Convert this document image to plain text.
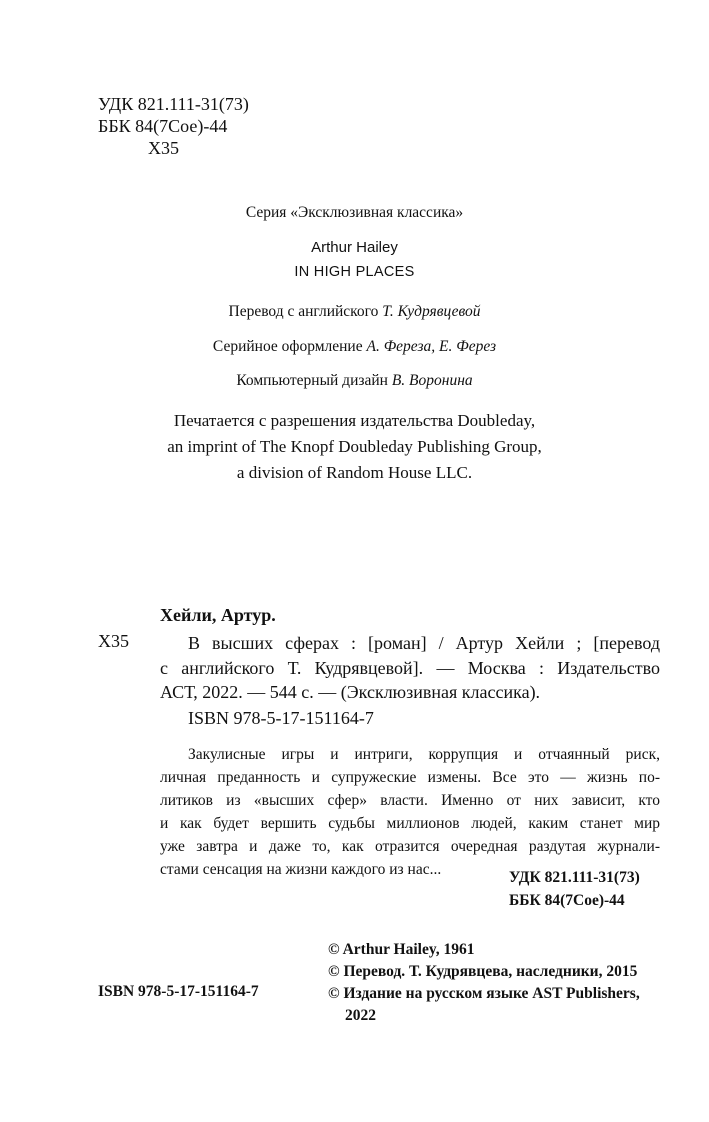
УДК 821.111-31(73)
ББК 84(7Сое)-44
Х35
Серия «Эксклюзивная классика»
Arthur Hailey
IN HIGH PLACES
Перевод с английского Т. Кудрявцевой
Серийное оформление А. Фереза, Е. Ферез
Компьютерный дизайн В. Воронина
Печатается с разрешения издательства Doubleday,
an imprint of The Knopf Doubleday Publishing Group,
a division of Random House LLC.
Хейли, Артур.
Х35	В высших сферах : [роман] / Артур Хейли ; [перевод
с английского Т. Кудрявцевой]. — Москва : Издательство
АСТ, 2022. — 544 с. — (Эксклюзивная классика).
ISBN 978-5-17-151164-7
Закулисные игры и интриги, коррупция и отчаянный риск,
личная преданность и супружеские измены. Все это — жизнь по-
литиков из «высших сфер» власти. Именно от них зависит, кто
и как будет вершить судьбы миллионов людей, каким станет мир
уже завтра и даже то, как отразится очередная раздутая журнали-
стами сенсация на жизни каждого из нас...	УДК 821.111-31(73)
ББК 84(7Сое)-44
© Arthur Hailey, 1961
© Перевод. Т. Кудрявцева, наследники, 2015
© Издание на русском языке AST Publishers,
2022
ISBN 978-5-17-151164-7
